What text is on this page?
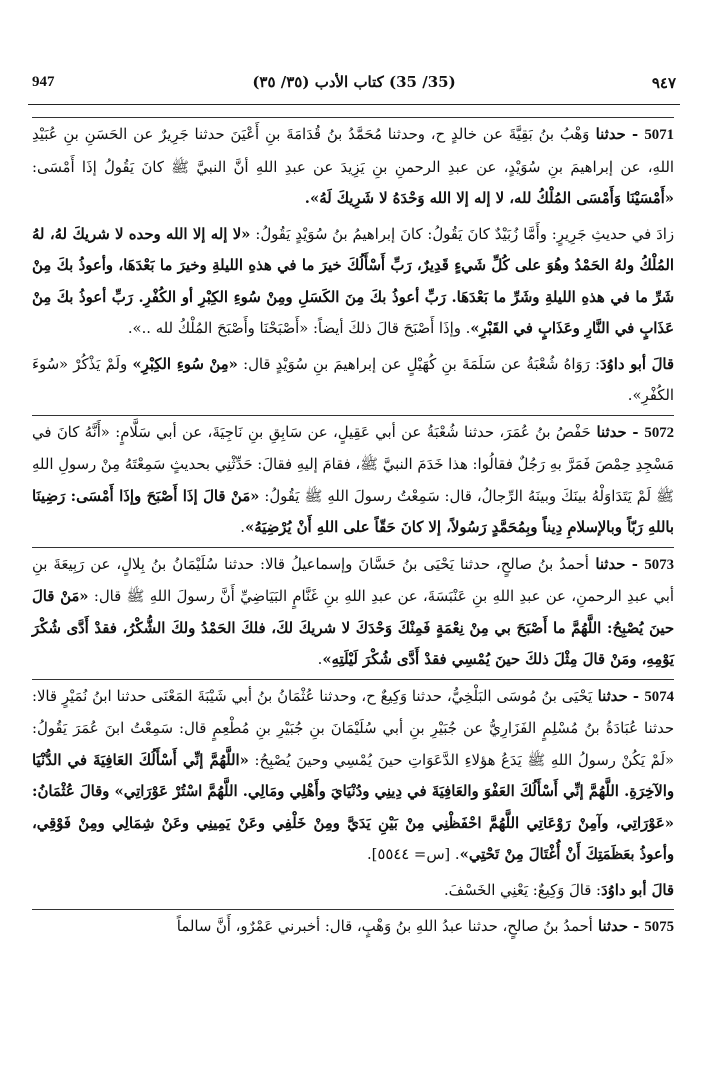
947	(35/ 35) كتاب الأدب (٣٥/ ٣٥)	٩٤٧

5071 - حدثنا وَهْبُ بنُ بَقِيَّةَ عن خالدٍ ح، وحدثنا مُحَمَّدُ بنُ قُدَامَةَ بنِ أَعْيَنَ حدثنا جَرِيرٌ عن الحَسَنِ بنِ عُبَيْدِ اللهِ، عن إبراهيمَ بنِ سُوَيْدٍ، عن عبدِ الرحمنِ بنِ يَزِيدَ عن عبدِ اللهِ أنَّ النبيَّ ﷺ كانَ يَقُولُ إذَا أَمْسَى: «أَمْسَيْنَا وَأَمْسَى المُلْكُ لله، لا إله إلا الله وَحْدَهُ لا شَرِيكَ لَهُ».

زادَ في حديثِ جَرِيرٍ: وأَمَّا زُبَيْدٌ كانَ يَقُولُ: كانَ إبراهيمُ بنُ سُوَيْدٍ يَقُولُ: «لا إله إلا الله وحده لا شريكَ لهُ، لهُ المُلْكُ ولهُ الحَمْدُ وهُوَ على كُلِّ شَيءٍ قَدِيرٌ، رَبِّ أَسْأَلُكَ خيرَ ما في هذهِ الليلةِ وخيرَ ما بَعْدَهَا، وأعوذُ بكَ مِنْ شَرِّ ما في هذهِ الليلةِ وشَرِّ ما بَعْدَهَا. رَبِّ أعوذُ بكَ مِنَ الكَسَلِ ومِنْ سُوءِ الكِبْرِ أو الكُفْرِ. رَبِّ أعوذُ بكَ مِنْ عَذَابٍ في النَّارِ وعَذَابٍ في القَبْرِ». وإذَا أَصْبَحَ قالَ ذلكَ أيضاً: «أَصْبَحْنَا وأَصْبَحَ المُلْكُ لله ..».

قالَ أبو داوُدَ: رَوَاهُ شُعْبَةُ عن سَلَمَةَ بنِ كُهَيْلٍ عن إبراهيمَ بنِ سُوَيْدٍ قال: «مِنْ سُوءِ الكِبْرِ» ولَمْ يَذْكُرْ «سُوءَ الكُفْرِ».

5072 - حدثنا حَفْصُ بنُ عُمَرَ، حدثنا شُعْبَةُ عن أبي عَقِيلٍ، عن سَابِقِ بنِ نَاجِيَةَ، عن أبي سَلَّامٍ: «أَنَّهُ كانَ في مَسْجِدِ حِمْصَ فَمَرَّ بهِ رَجُلٌ فقالُوا: هذا خَدَمَ النبيَّ ﷺ، فقامَ إليهِ فقالَ: حَدِّثْنِي بحديثٍ سَمِعْتَهُ مِنْ رسولِ اللهِ ﷺ لَمْ يَتَدَاوَلْهُ بينَكَ وبينَهُ الرِّجالُ، قال: سَمِعْتُ رسولَ اللهِ ﷺ يَقُولُ: «مَنْ قالَ إذَا أَصْبَحَ وإذَا أَمْسَى: رَضِينَا باللهِ رَبّاً وبالإسلامِ دِيناً وبِمُحَمَّدٍ رَسُولاً، إلا كانَ حَقّاً على اللهِ أَنْ يُرْضِيَهُ».

5073 - حدثنا أحمدُ بنُ صالحٍ، حدثنا يَحْيَى بنُ حَسَّانَ وإسماعيلُ قالا: حدثنا سُلَيْمَانُ بنُ بِلالٍ، عن رَبِيعَةَ بنِ أبي عبدِ الرحمنِ، عن عبدِ اللهِ بنِ عَنْبَسَةَ، عن عبدِ اللهِ بنِ غَنَّامٍ البَيَاضِيِّ أَنَّ رسولَ اللهِ ﷺ قال: «مَنْ قالَ حينَ يُصْبِحُ: اللَّهُمَّ ما أَصْبَحَ بي مِنْ نِعْمَةٍ فَمِنْكَ وَحْدَكَ لا شريكَ لكَ، فلكَ الحَمْدُ ولكَ الشُّكْرُ، فقدْ أَدَّى شُكْرَ يَوْمِهِ، ومَنْ قالَ مِثْلَ ذلكَ حينَ يُمْسِي فقدْ أَدَّى شُكْرَ لَيْلَتِهِ».

5074 - حدثنا يَحْيَى بنُ مُوسَى البَلْخِيُّ، حدثنا وَكِيعٌ ح، وحدثنا عُثْمَانُ بنُ أبي شَيْبَةَ المَعْنَى حدثنا ابنُ نُمَيْرٍ قالا: حدثنا عُبَادَةُ بنُ مُسْلِمٍ الفَزَارِيُّ عن جُبَيْرِ بنِ أبي سُلَيْمَانَ بنِ جُبَيْرِ بنِ مُطْعِمٍ قال: سَمِعْتُ ابنَ عُمَرَ يَقُولُ: «لَمْ يَكُنْ رسولُ اللهِ ﷺ يَدَعُ هؤلاءِ الدَّعَوَاتِ حينَ يُمْسِي وحينَ يُصْبِحُ: «اللَّهُمَّ إنِّي أَسْأَلُكَ العَافِيَةَ في الدُّنْيَا والآخِرَةِ. اللَّهُمَّ إنِّي أَسْأَلُكَ العَفْوَ والعَافِيَةَ في دِينِي ودُنْيَايَ وأَهْلِي ومَالِي. اللَّهُمَّ اسْتُرْ عَوْرَاتِي» وقالَ عُثْمَانُ: «عَوْرَاتِي، وآمِنْ رَوْعَاتِي اللَّهُمَّ احْفَظْنِي مِنْ بَيْنِ يَدَيَّ ومِنْ خَلْفِي وعَنْ يَمِينِي وعَنْ شِمَالِي ومِنْ فَوْقِي، وأعوذُ بعَظَمَتِكَ أَنْ أُغْتَالَ مِنْ تَحْتِي». [س= ٥٥٤٤].

قالَ أبو داوُدَ: قالَ وَكِيعٌ: يَعْنِي الخَسْفَ.

5075 - حدثنا أحمدُ بنُ صالحٍ، حدثنا عبدُ اللهِ بنُ وَهْبٍ، قال: أخبرني عَمْرٌو، أَنَّ سالماً
